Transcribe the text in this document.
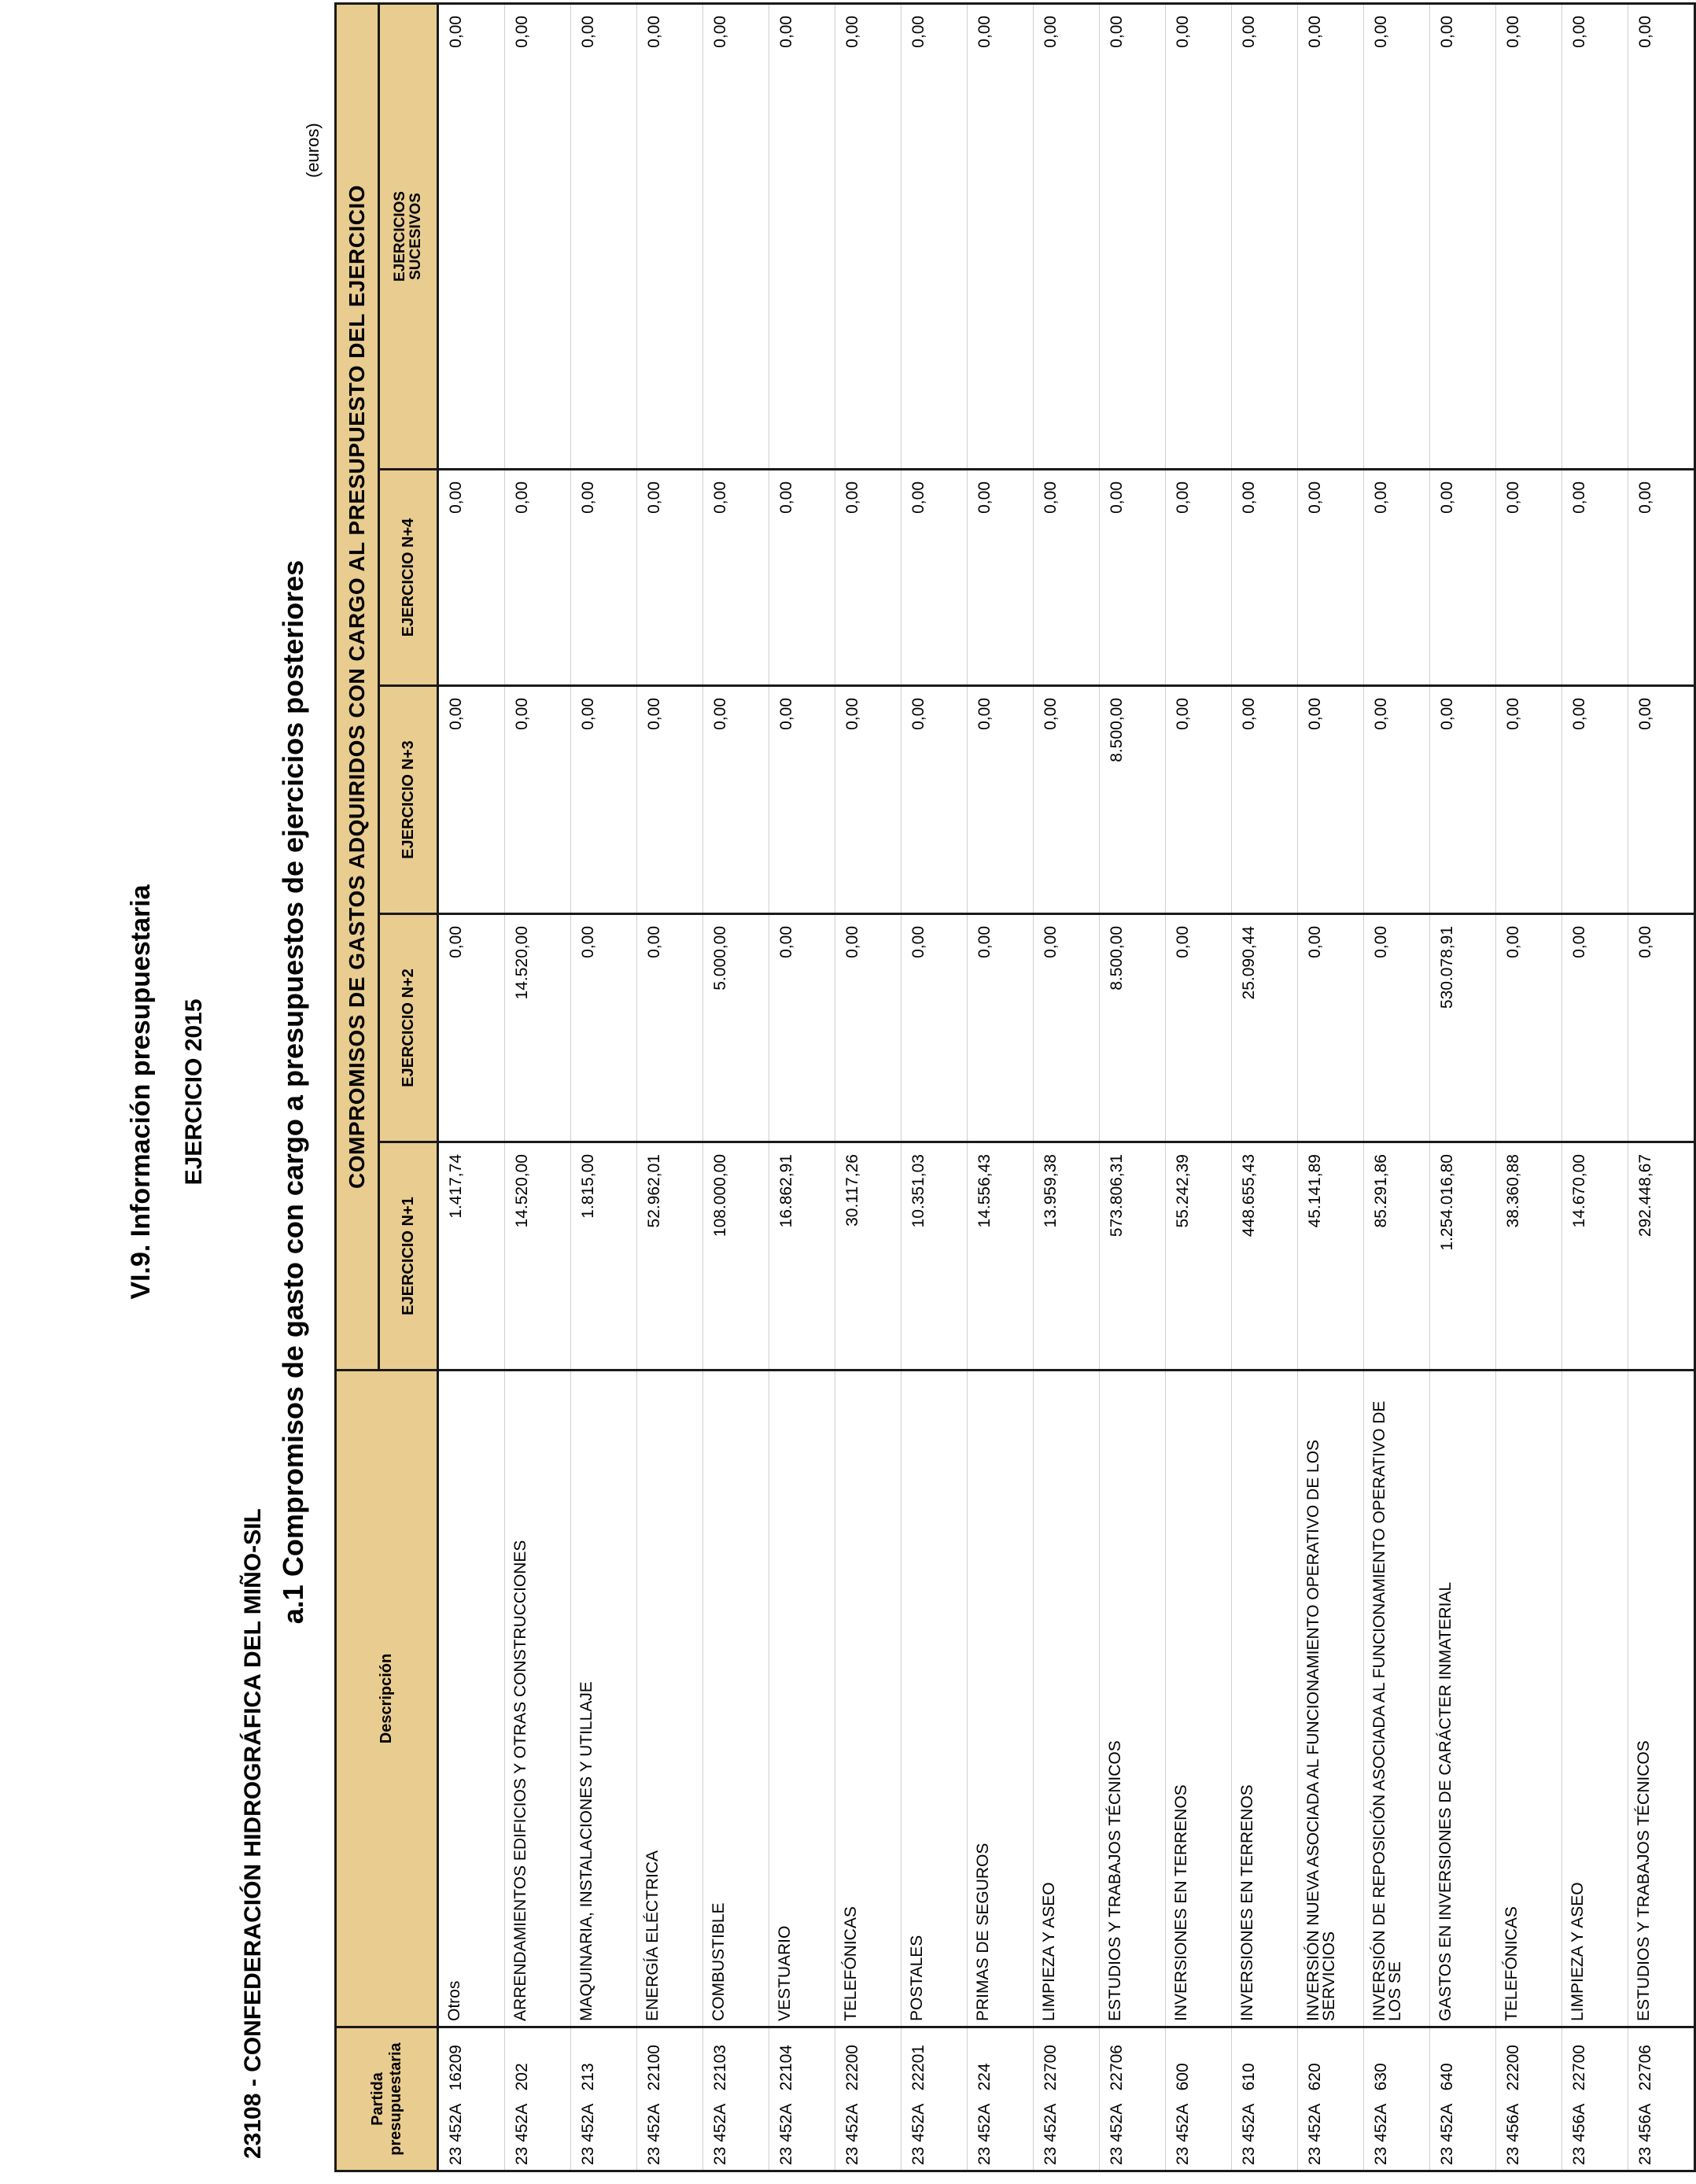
VI.9. Información presupuestaria EJERCICIO 2015
23108 - CONFEDERACIÓN HIDROGRÁFICA DEL MIÑO-SIL
a.1 Compromisos de gasto con cargo a presupuestos de ejercicios posteriores
(euros)
Partida presupuestaria	Descripción	COMPROMISOS DE GASTOS ADQUIRIDOS CON CARGO AL PRESUPUESTO DEL EJERCICIO				
		EJERCICIO N+1	EJERCICIO N+2	EJERCICIO N+3	EJERCICIO N+4	EJERCICIOS
SUCESIVOS
23 452A   16209	Otros	1.417,74	0,00	0,00	0,00	0,00
23 452A   202	ARRENDAMIENTOS EDIFICIOS Y OTRAS CONSTRUCCIONES	14.520,00	14.520,00	0,00	0,00	0,00
23 452A   213	MAQUINARIA, INSTALACIONES Y UTILLAJE	1.815,00	0,00	0,00	0,00	0,00
23 452A   22100	ENERGÍA ELÉCTRICA	52.962,01	0,00	0,00	0,00	0,00
23 452A   22103	COMBUSTIBLE	108.000,00	5.000,00	0,00	0,00	0,00
23 452A   22104	VESTUARIO	16.862,91	0,00	0,00	0,00	0,00
23 452A   22200	TELEFÓNICAS	30.117,26	0,00	0,00	0,00	0,00
23 452A   22201	POSTALES	10.351,03	0,00	0,00	0,00	0,00
23 452A   224	PRIMAS DE SEGUROS	14.556,43	0,00	0,00	0,00	0,00
23 452A   22700	LIMPIEZA Y ASEO	13.959,38	0,00	0,00	0,00	0,00
23 452A   22706	ESTUDIOS Y TRABAJOS TÉCNICOS	573.806,31	8.500,00	8.500,00	0,00	0,00
23 452A   600	INVERSIONES EN TERRENOS	55.242,39	0,00	0,00	0,00	0,00
23 452A   610	INVERSIONES EN TERRENOS	448.655,43	25.090,44	0,00	0,00	0,00
23 452A   620	INVERSIÓN NUEVA ASOCIADA AL FUNCIONAMIENTO OPERATIVO DE LOS SERVICIOS	45.141,89	0,00	0,00	0,00	0,00
23 452A   630	INVERSIÓN DE REPOSICIÓN ASOCIADA AL FUNCIONAMIENTO OPERATIVO DE LOS SE	85.291,86	0,00	0,00	0,00	0,00
23 452A   640	GASTOS EN INVERSIONES DE CARÁCTER INMATERIAL	1.254.016,80	530.078,91	0,00	0,00	0,00
23 456A   22200	TELEFÓNICAS	38.360,88	0,00	0,00	0,00	0,00
23 456A   22700	LIMPIEZA Y ASEO	14.670,00	0,00	0,00	0,00	0,00
23 456A   22706	ESTUDIOS Y TRABAJOS TÉCNICOS	292.448,67	0,00	0,00	0,00	0,00
